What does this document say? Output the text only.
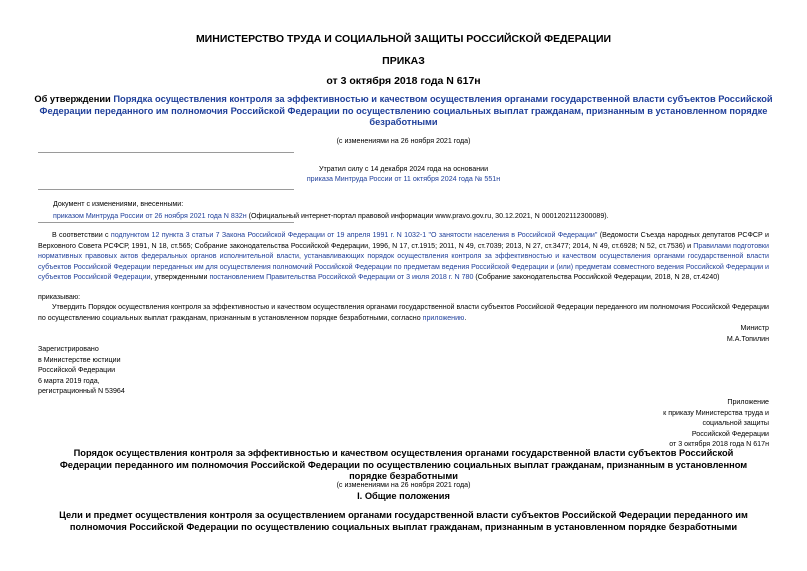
МИНИСТЕРСТВО ТРУДА И СОЦИАЛЬНОЙ ЗАЩИТЫ РОССИЙСКОЙ ФЕДЕРАЦИИ
ПРИКАЗ
от 3 октября 2018 года N 617н
Об утверждении Порядка осуществления контроля за эффективностью и качеством осуществления органами государственной власти субъектов Российской Федерации переданного им полномочия Российской Федерации по осуществлению социальных выплат гражданам, признанным в установленном порядке безработными
(с изменениями на 26 ноября 2021 года)
Утратил силу с 14 декабря 2024 года на основании
приказа Минтруда России от 11 октября 2024 года № 551н
Документ с изменениями, внесенными:
приказом Минтруда России от 26 ноября 2021 года N 832н (Официальный интернет-портал правовой информации www.pravo.gov.ru, 30.12.2021, N 0001202112300089).
В соответствии с подпунктом 12 пункта 3 статьи 7 Закона Российской Федерации от 19 апреля 1991 г. N 1032-1 "О занятости населения в Российской Федерации" (Ведомости Съезда народных депутатов РСФСР и Верховного Совета РСФСР, 1991, N 18, ст.565; Собрание законодательства Российской Федерации, 1996, N 17, ст.1915; 2011, N 49, ст.7039; 2013, N 27, ст.3477; 2014, N 49, ст.6928; N 52, ст.7536) и Правилами подготовки нормативных правовых актов федеральных органов исполнительной власти, устанавливающих порядок осуществления контроля за эффективностью и качеством осуществления органами государственной власти субъектов Российской Федерации переданных им для осуществления полномочий Российской Федерации по предметам ведения Российской Федерации и (или) предметам совместного ведения Российской Федерации и субъектов Российской Федерации, утвержденными постановлением Правительства Российской Федерации от 3 июля 2018 г. N 780 (Собрание законодательства Российской Федерации, 2018, N 28, ст.4240)
приказываю:
Утвердить Порядок осуществления контроля за эффективностью и качеством осуществления органами государственной власти субъектов Российской Федерации переданного им полномочия Российской Федерации по осуществлению социальных выплат гражданам, признанным в установленном порядке безработными, согласно приложению.
Министр
М.А.Топилин
Зарегистрировано
в Министерстве юстиции
Российской Федерации
6 марта 2019 года,
регистрационный N 53964
Приложение
к приказу Министерства труда и
социальной защиты
Российской Федерации
от 3 октября 2018 года N 617н
Порядок осуществления контроля за эффективностью и качеством осуществления органами государственной власти субъектов Российской Федерации переданного им полномочия Российской Федерации по осуществлению социальных выплат гражданам, признанным в установленном порядке безработными
(с изменениями на 26 ноября 2021 года)
I. Общие положения
Цели и предмет осуществления контроля за осуществлением органами государственной власти субъектов Российской Федерации переданного им полномочия Российской Федерации по осуществлению социальных выплат гражданам, признанным в установленном порядке безработными
